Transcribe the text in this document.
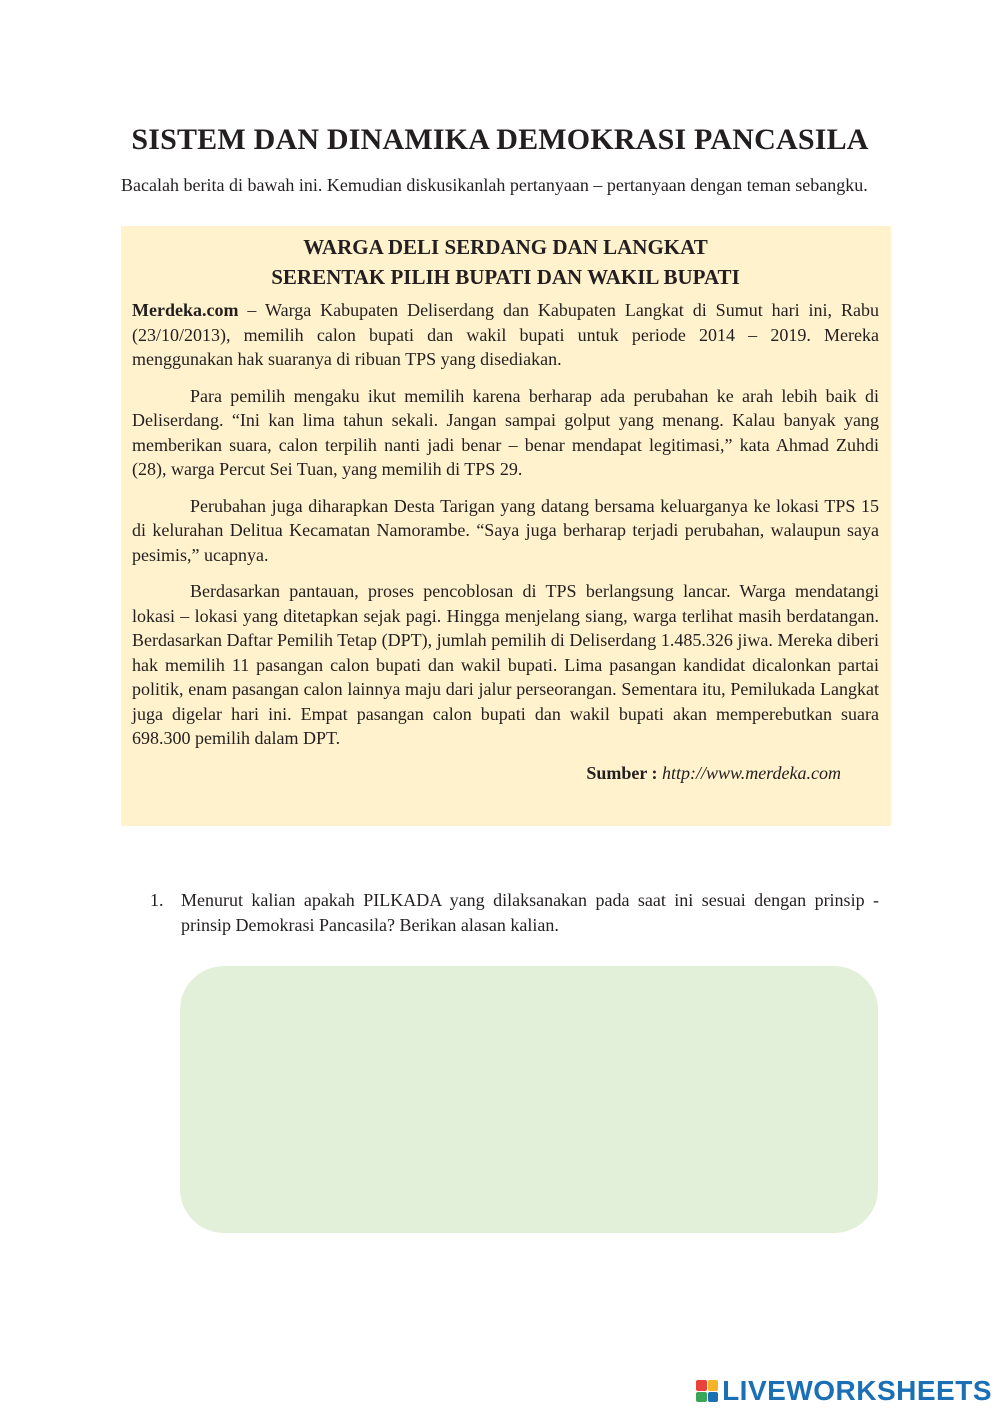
SISTEM DAN DINAMIKA DEMOKRASI PANCASILA

Bacalah berita di bawah ini. Kemudian diskusikanlah pertanyaan – pertanyaan dengan teman sebangku.

WARGA DELI SERDANG DAN LANGKAT
SERENTAK PILIH BUPATI DAN WAKIL BUPATI

Merdeka.com – Warga Kabupaten Deliserdang dan Kabupaten Langkat di Sumut hari ini, Rabu (23/10/2013), memilih calon bupati dan wakil bupati untuk periode 2014 – 2019. Mereka menggunakan hak suaranya di ribuan TPS yang disediakan.

Para pemilih mengaku ikut memilih karena berharap ada perubahan ke arah lebih baik di Deliserdang. “Ini kan lima tahun sekali. Jangan sampai golput yang menang. Kalau banyak yang memberikan suara, calon terpilih nanti jadi benar – benar mendapat legitimasi,” kata Ahmad Zuhdi (28), warga Percut Sei Tuan, yang memilih di TPS 29.

Perubahan juga diharapkan Desta Tarigan yang datang bersama keluarganya ke lokasi TPS 15 di kelurahan Delitua Kecamatan Namorambe. “Saya juga berharap terjadi perubahan, walaupun saya pesimis,” ucapnya.

Berdasarkan pantauan, proses pencoblosan di TPS berlangsung lancar. Warga mendatangi lokasi – lokasi yang ditetapkan sejak pagi. Hingga menjelang siang, warga terlihat masih berdatangan. Berdasarkan Daftar Pemilih Tetap (DPT), jumlah pemilih di Deliserdang 1.485.326 jiwa. Mereka diberi hak memilih 11 pasangan calon bupati dan wakil bupati. Lima pasangan kandidat dicalonkan partai politik, enam pasangan calon lainnya maju dari jalur perseorangan. Sementara itu, Pemilukada Langkat juga digelar hari ini. Empat pasangan calon bupati dan wakil bupati akan memperebutkan suara 698.300 pemilih dalam DPT.

Sumber : http://www.merdeka.com
1. Menurut kalian apakah PILKADA yang dilaksanakan pada saat ini sesuai dengan prinsip - prinsip Demokrasi Pancasila? Berikan alasan kalian.
LIVEWORKSHEETS
